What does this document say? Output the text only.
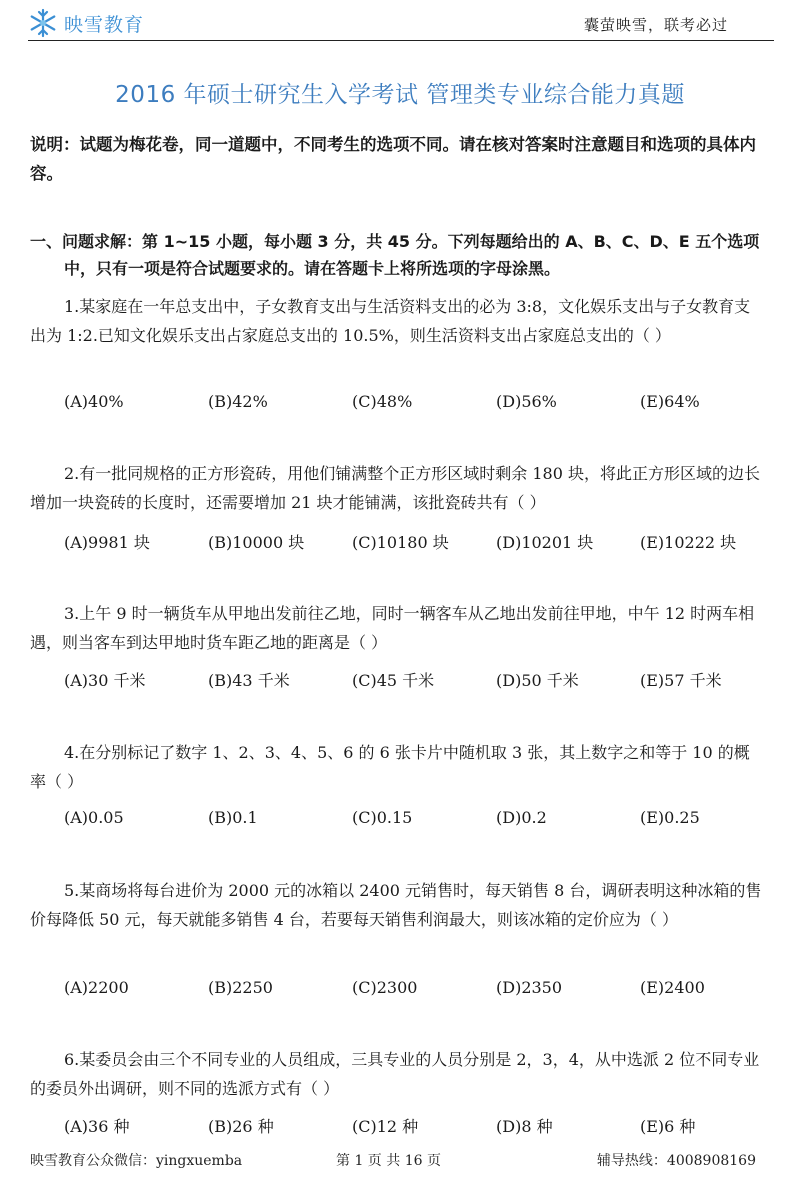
映雪教育	囊萤映雪，联考必过
2016 年硕士研究生入学考试 管理类专业综合能力真题
说明：试题为梅花卷，同一道题中，不同考生的选项不同。请在核对答案时注意题目和选项的具体内容。
一、问题求解：第 1~15 小题，每小题 3 分，共 45 分。下列每题给出的 A、B、C、D、E 五个选项中，只有一项是符合试题要求的。请在答题卡上将所选项的字母涂黑。
1.某家庭在一年总支出中，子女教育支出与生活资料支出的必为 3:8，文化娱乐支出与子女教育支出为 1:2.已知文化娱乐支出占家庭总支出的 10.5%，则生活资料支出占家庭总支出的（ ）
(A)40%	(B)42%	(C)48%	(D)56%	(E)64%
2.有一批同规格的正方形瓷砖，用他们铺满整个正方形区域时剩余 180 块，将此正方形区域的边长增加一块瓷砖的长度时，还需要增加 21 块才能铺满，该批瓷砖共有（ ）
(A)9981 块	(B)10000 块	(C)10180 块	(D)10201 块	(E)10222 块
3.上午 9 时一辆货车从甲地出发前往乙地，同时一辆客车从乙地出发前往甲地，中午 12 时两车相遇，则当客车到达甲地时货车距乙地的距离是（ ）
(A)30 千米	(B)43 千米	(C)45 千米	(D)50 千米	(E)57 千米
4.在分别标记了数字 1、2、3、4、5、6 的 6 张卡片中随机取 3 张，其上数字之和等于 10 的概率（ ）
(A)0.05	(B)0.1	(C)0.15	(D)0.2	(E)0.25
5.某商场将每台进价为 2000 元的冰箱以 2400 元销售时，每天销售 8 台，调研表明这种冰箱的售价每降低 50 元，每天就能多销售 4 台，若要每天销售利润最大，则该冰箱的定价应为（ ）
(A)2200	(B)2250	(C)2300	(D)2350	(E)2400
6.某委员会由三个不同专业的人员组成，三具专业的人员分别是 2，3，4，从中选派 2 位不同专业的委员外出调研，则不同的选派方式有（ ）
(A)36 种	(B)26 种	(C)12 种	(D)8 种	(E)6 种
映雪教育公众微信：yingxuemba	第 1 页 共 16 页	辅导热线：4008908169
